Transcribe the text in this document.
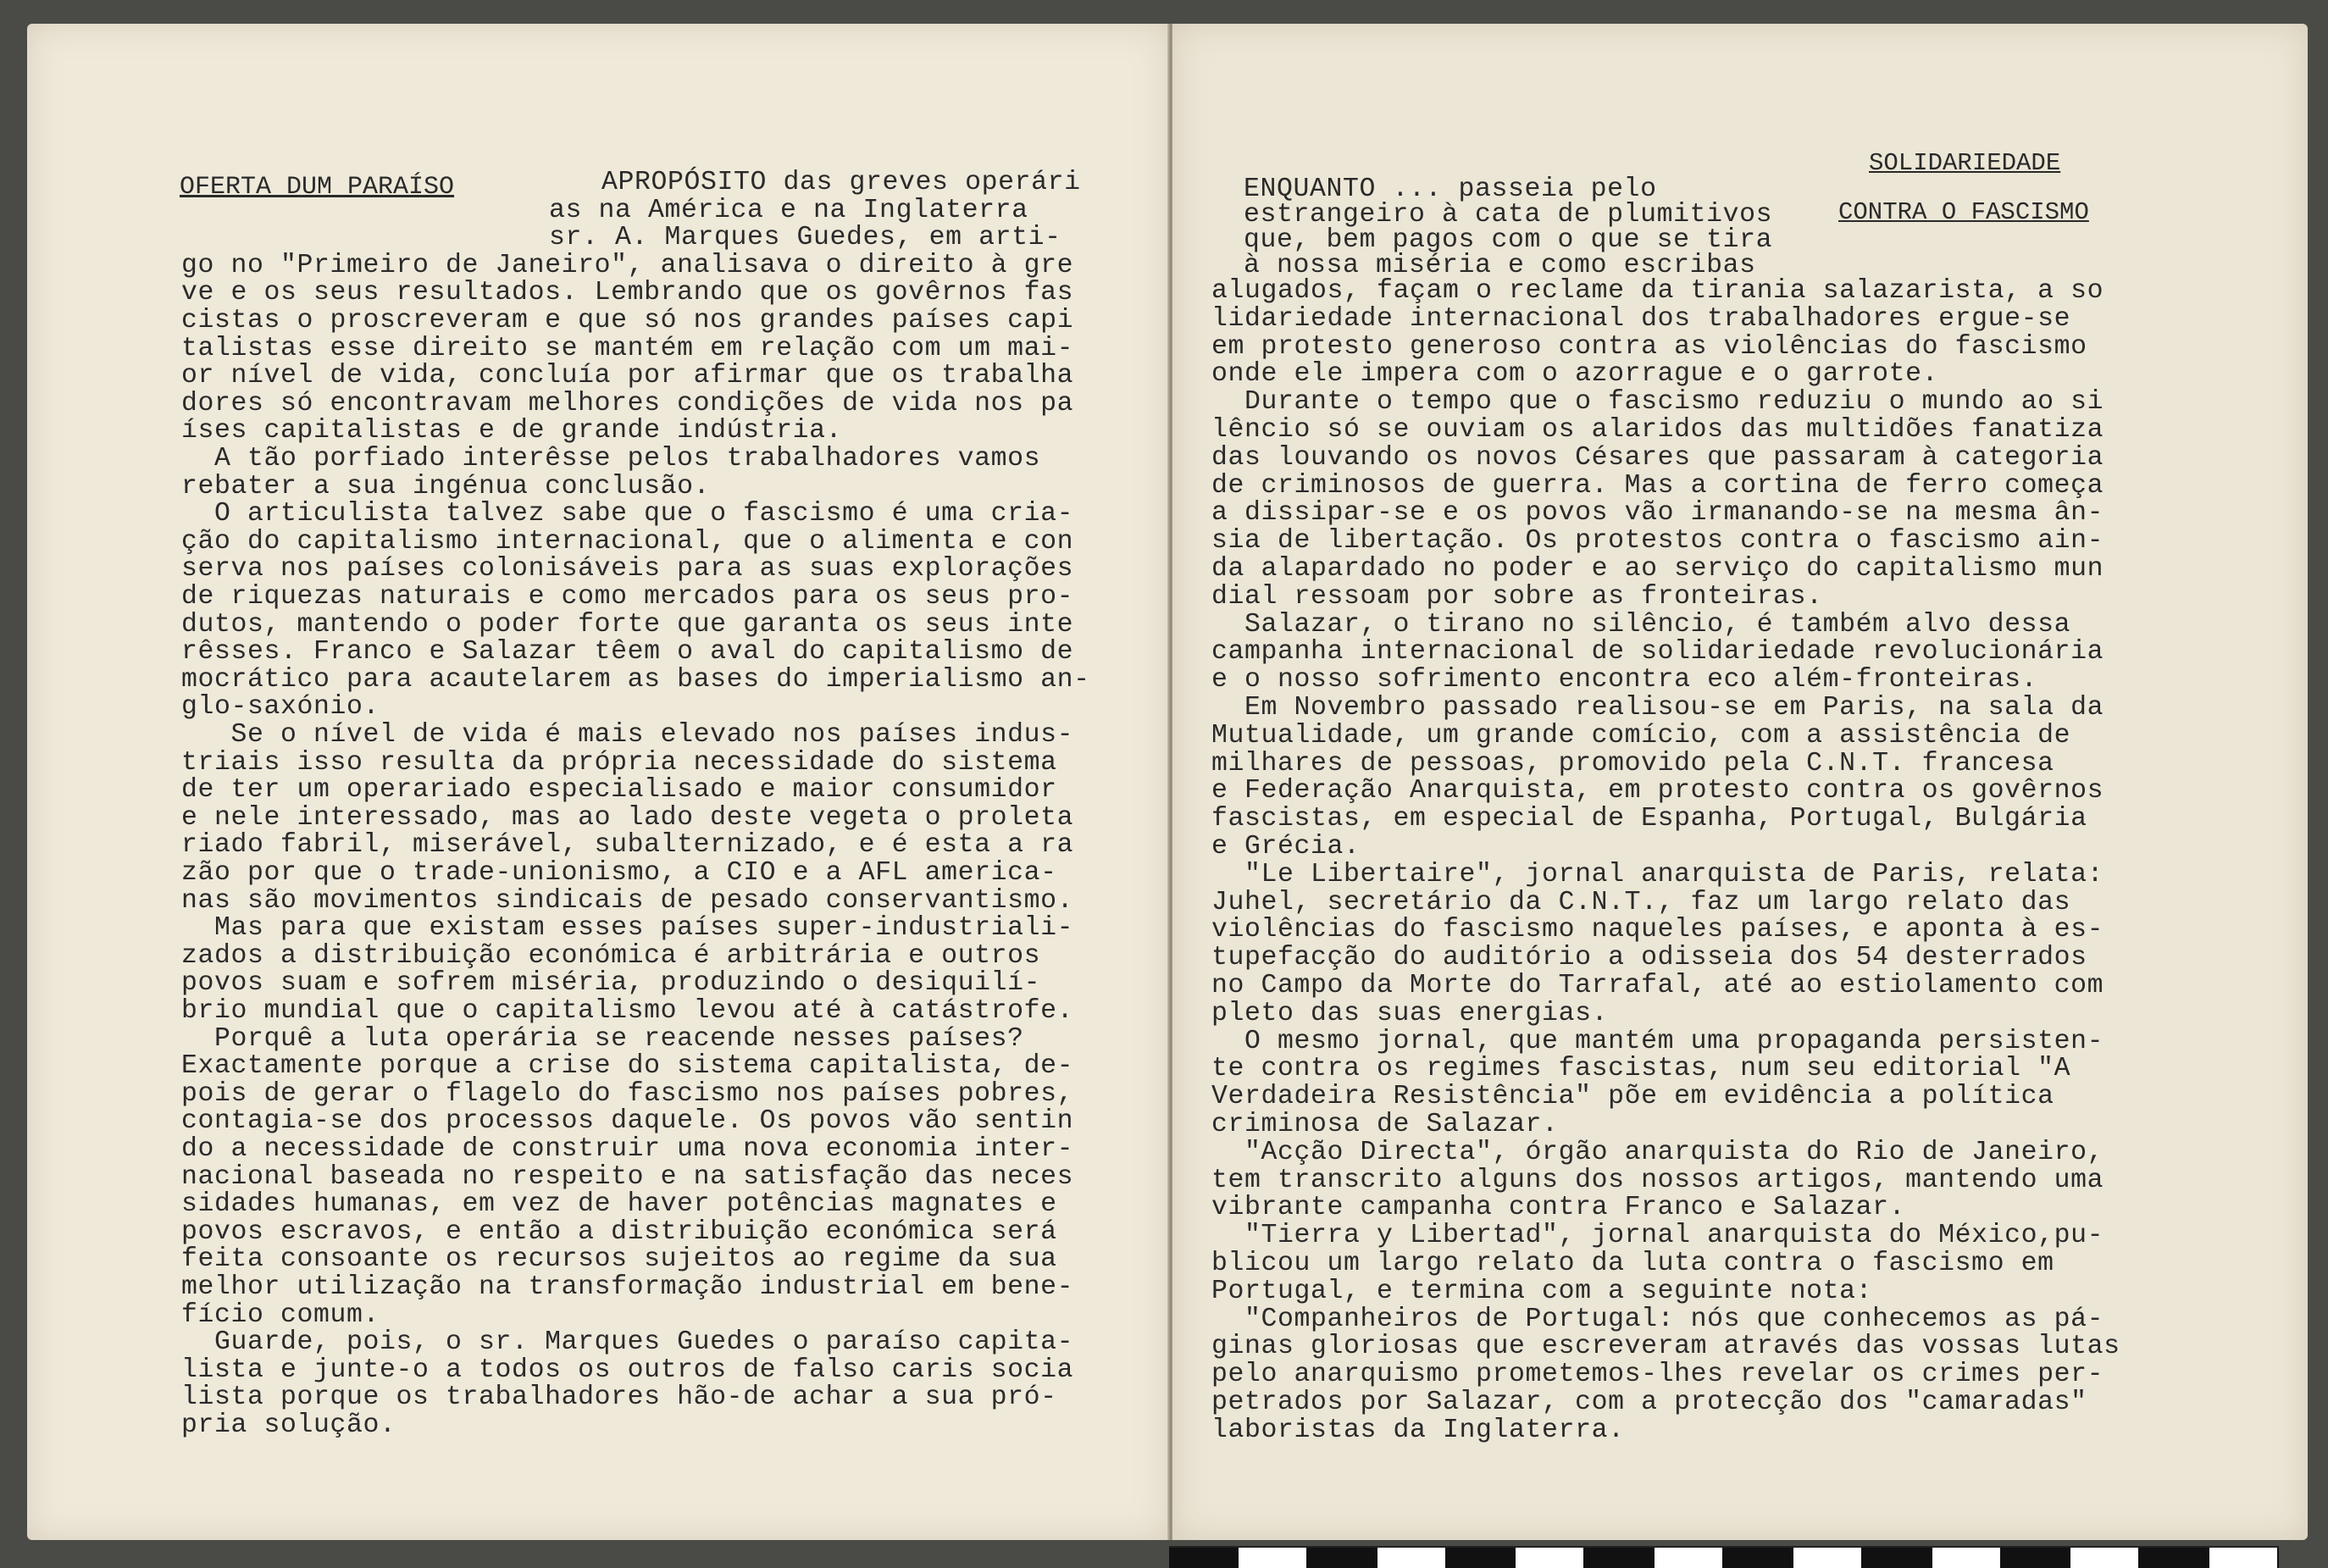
OFERTA DUM PARAÍSO	APROPÓSITO das greves operári
as na América e na Inglaterra
sr. A. Marques Guedes, em arti-
go no "Primeiro de Janeiro", analisava o direito à gre
ve e os seus resultados. Lembrando que os govêrnos fas
cistas o proscreveram e que só nos grandes países capi
talistas esse direito se mantém em relação com um mai-
or nível de vida, concluía por afirmar que os trabalha
dores só encontravam melhores condições de vida nos pa
íses capitalistas e de grande indústria.
A tão porfiado interêsse pelos trabalhadores vamos
rebater a sua ingénua conclusão.
O articulista talvez sabe que o fascismo é uma cria-
ção do capitalismo internacional, que o alimenta e con
serva nos países colonisáveis para as suas explorações
de riquezas naturais e como mercados para os seus pro-
dutos, mantendo o poder forte que garanta os seus inte
rêsses. Franco e Salazar têem o aval do capitalismo de
mocrático para acautelarem as bases do imperialismo an-
glo-saxónio.
Se o nível de vida é mais elevado nos países indus-
triais isso resulta da própria necessidade do sistema
de ter um operariado especialisado e maior consumidor
e nele interessado, mas ao lado deste vegeta o proleta
riado fabril, miserável, subalternizado, e é esta a ra
zão por que o trade-unionismo, a CIO e a AFL america-
nas são movimentos sindicais de pesado conservantismo.
Mas para que existam esses países super-industriali-
zados a distribuição económica é arbitrária e outros
povos suam e sofrem miséria, produzindo o desiquilí-
brio mundial que o capitalismo levou até à catástrofe.
Porquê a luta operária se reacende nesses países?
Exactamente porque a crise do sistema capitalista, de-
pois de gerar o flagelo do fascismo nos países pobres,
contagia-se dos processos daquele. Os povos vão sentin
do a necessidade de construir uma nova economia inter-
nacional baseada no respeito e na satisfação das neces
sidades humanas, em vez de haver potências magnates e
povos escravos, e então a distribuição económica será
feita consoante os recursos sujeitos ao regime da sua
melhor utilização na transformação industrial em bene-
fício comum.
Guarde, pois, o sr. Marques Guedes o paraíso capita-
lista e junte-o a todos os outros de falso caris socia
lista porque os trabalhadores hão-de achar a sua pró-
pria solução.
SOLIDARIEDADE
CONTRA O FASCISMO
ENQUANTO ... passeia pelo
estrangeiro à cata de plumitivos
que, bem pagos com o que se tira
à nossa miséria e como escribas
alugados, façam o reclame da tirania salazarista, a so
lidariedade internacional dos trabalhadores ergue-se
em protesto generoso contra as violências do fascismo
onde ele impera com o azorrague e o garrote.
Durante o tempo que o fascismo reduziu o mundo ao si
lêncio só se ouviam os alaridos das multidões fanatiza
das louvando os novos Césares que passaram à categoria
de criminosos de guerra. Mas a cortina de ferro começa
a dissipar-se e os povos vão irmanando-se na mesma ân-
sia de libertação. Os protestos contra o fascismo ain-
da alapardado no poder e ao serviço do capitalismo mun
dial ressoam por sobre as fronteiras.
Salazar, o tirano no silêncio, é também alvo dessa
campanha internacional de solidariedade revolucionária
e o nosso sofrimento encontra eco além-fronteiras.
Em Novembro passado realisou-se em Paris, na sala da
Mutualidade, um grande comício, com a assistência de
milhares de pessoas, promovido pela C.N.T. francesa
e Federação Anarquista, em protesto contra os govêrnos
fascistas, em especial de Espanha, Portugal, Bulgária
e Grécia.
"Le Libertaire", jornal anarquista de Paris, relata:
Juhel, secretário da C.N.T., faz um largo relato das
violências do fascismo naqueles países, e aponta à es-
tupefacção do auditório a odisseia dos 54 desterrados
no Campo da Morte do Tarrafal, até ao estiolamento com
pleto das suas energias.
O mesmo jornal, que mantém uma propaganda persisten-
te contra os regimes fascistas, num seu editorial "A
Verdadeira Resistência" põe em evidência a política
criminosa de Salazar.
"Acção Directa", órgão anarquista do Rio de Janeiro,
tem transcrito alguns dos nossos artigos, mantendo uma
vibrante campanha contra Franco e Salazar.
"Tierra y Libertad", jornal anarquista do México,pu-
blicou um largo relato da luta contra o fascismo em
Portugal, e termina com a seguinte nota:
"Companheiros de Portugal: nós que conhecemos as pá-
ginas gloriosas que escreveram através das vossas lutas
pelo anarquismo prometemos-lhes revelar os crimes per-
petrados por Salazar, com a protecção dos "camaradas"
laboristas da Inglaterra.
